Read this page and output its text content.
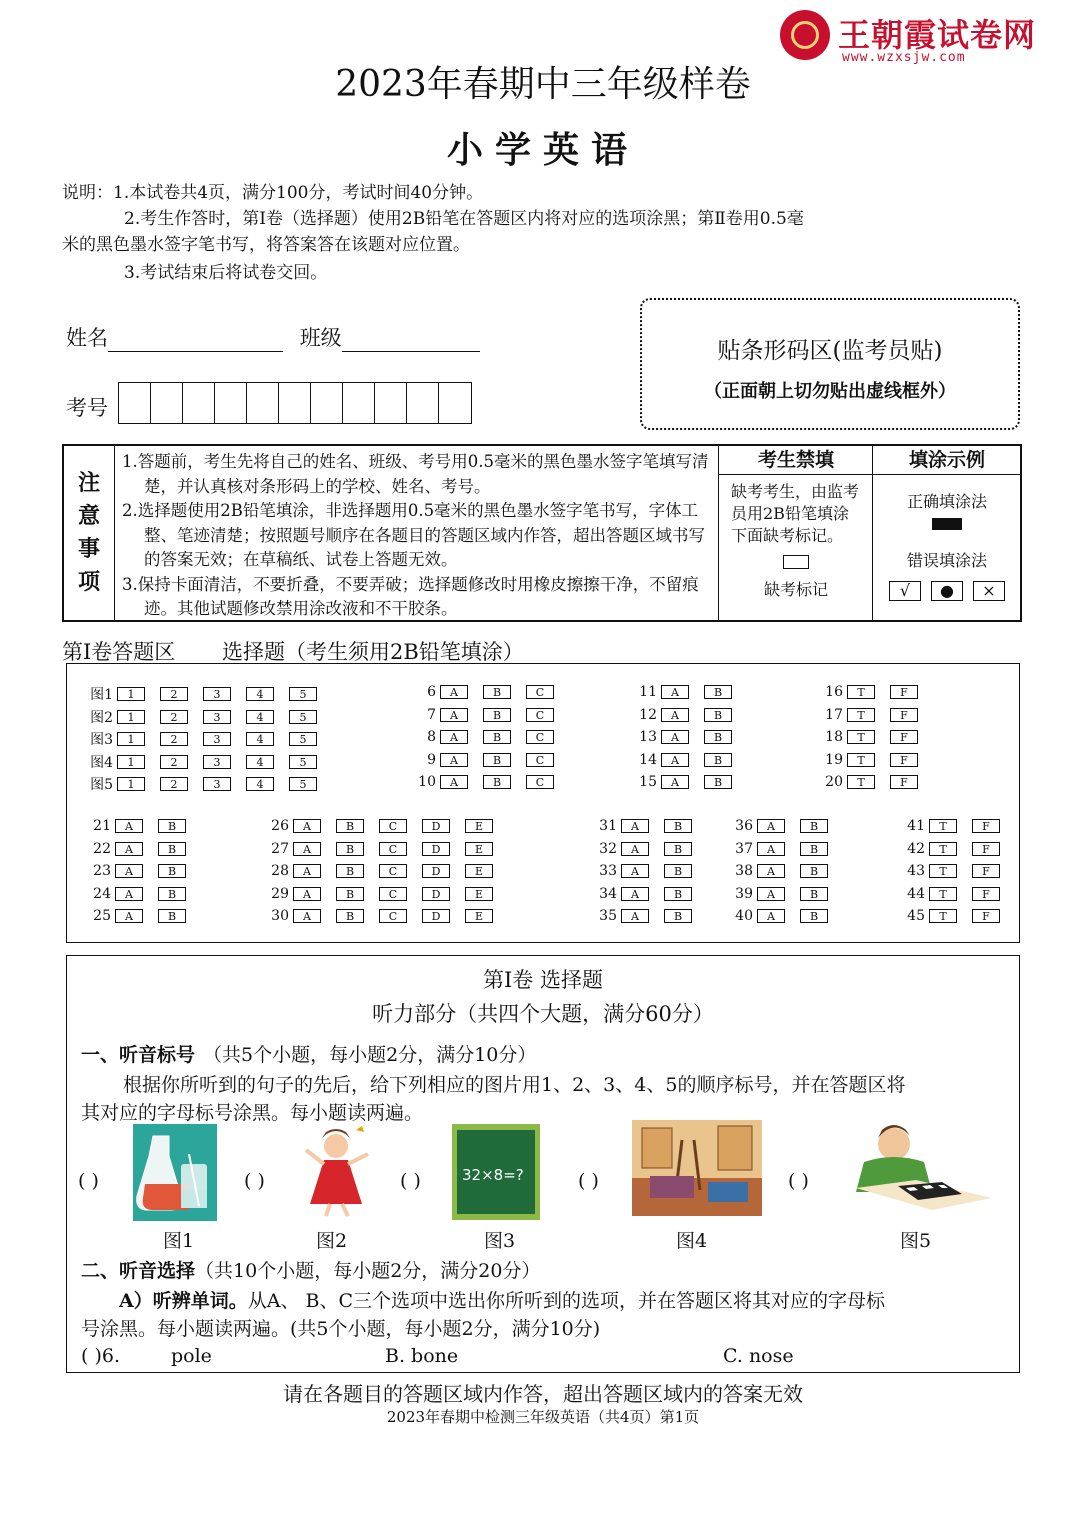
王朝霞试卷网
www.wzxsjw.com
2023年春期中三年级样卷
小学英语
说明：1.本试卷共4页，满分100分，考试时间40分钟。
2.考生作答时，第Ⅰ卷（选择题）使用2B铅笔在答题区内将对应的选项涂黑；第Ⅱ卷用0.5毫
米的黑色墨水签字笔书写，将答案答在该题对应位置。
3.考试结束后将试卷交回。
姓名	班级
考号
贴条形码区(监考员贴)
（正面朝上切勿贴出虚线框外）
注
意
事
项

1.答题前，考生先将自己的姓名、班级、考号用0.5毫米的黑色墨水签字笔填写清楚，并认真核对条形码上的学校、姓名、考号。

2.选择题使用2B铅笔填涂，非选择题用0.5毫米的黑色墨水签字笔书写，字体工整、笔迹清楚；按照题号顺序在各题目的答题区域内作答，超出答题区域书写的答案无效；在草稿纸、试卷上答题无效。

3.保持卡面清洁，不要折叠，不要弄破；选择题修改时用橡皮擦擦干净，不留痕迹。其他试题修改禁用涂改液和不干胶条。

考生禁填
缺考考生，由监考员用2B铅笔填涂下面缺考标记。
缺考标记
填涂示例
正确填涂法
错误填涂法
√	●	×
第Ⅰ卷答题区 选择题（考生须用2B铅笔填涂）
图1	1	2	3	4	5
图2	1	2	3	4	5
图3	1	2	3	4	5
图4	1	2	3	4	5
图5	1	2	3	4	5
6	A	B	C
7	A	B	C
8	A	B	C
9	A	B	C
10	A	B	C
11	A	B
12	A	B
13	A	B
14	A	B
15	A	B
16	T	F
17	T	F
18	T	F
19	T	F
20	T	F
21	A	B
22	A	B
23	A	B
24	A	B
25	A	B
26	A	B	C	D	E
27	A	B	C	D	E
28	A	B	C	D	E
29	A	B	C	D	E
30	A	B	C	D	E
31	A	B
32	A	B
33	A	B
34	A	B
35	A	B
36	A	B
37	A	B
38	A	B
39	A	B
40	A	B
41	T	F
42	T	F
43	T	F
44	T	F
45	T	F
第Ⅰ卷 选择题
听力部分（共四个大题，满分60分）
一、听音标号 （共5个小题，每小题2分，满分10分）
根据你所听到的句子的先后，给下列相应的图片用1、2、3、4、5的顺序标号，并在答题区将
其对应的字母标号涂黑。每小题读两遍。
二、听音选择（共10个小题，每小题2分，满分20分）
A）听辨单词。从A、 B、C三个选项中选出你所听到的选项，并在答题区将其对应的字母标
号涂黑。每小题读两遍。(共5个小题，每小题2分，满分10分)
( )6.	pole	B. bone	C. nose
( )	( )	( )	( )	( )
图1	图2
32×8=?
图3	图4	图5
请在各题目的答题区域内作答，超出答题区域内的答案无效
2023年春期中检测三年级英语（共4页）第1页
